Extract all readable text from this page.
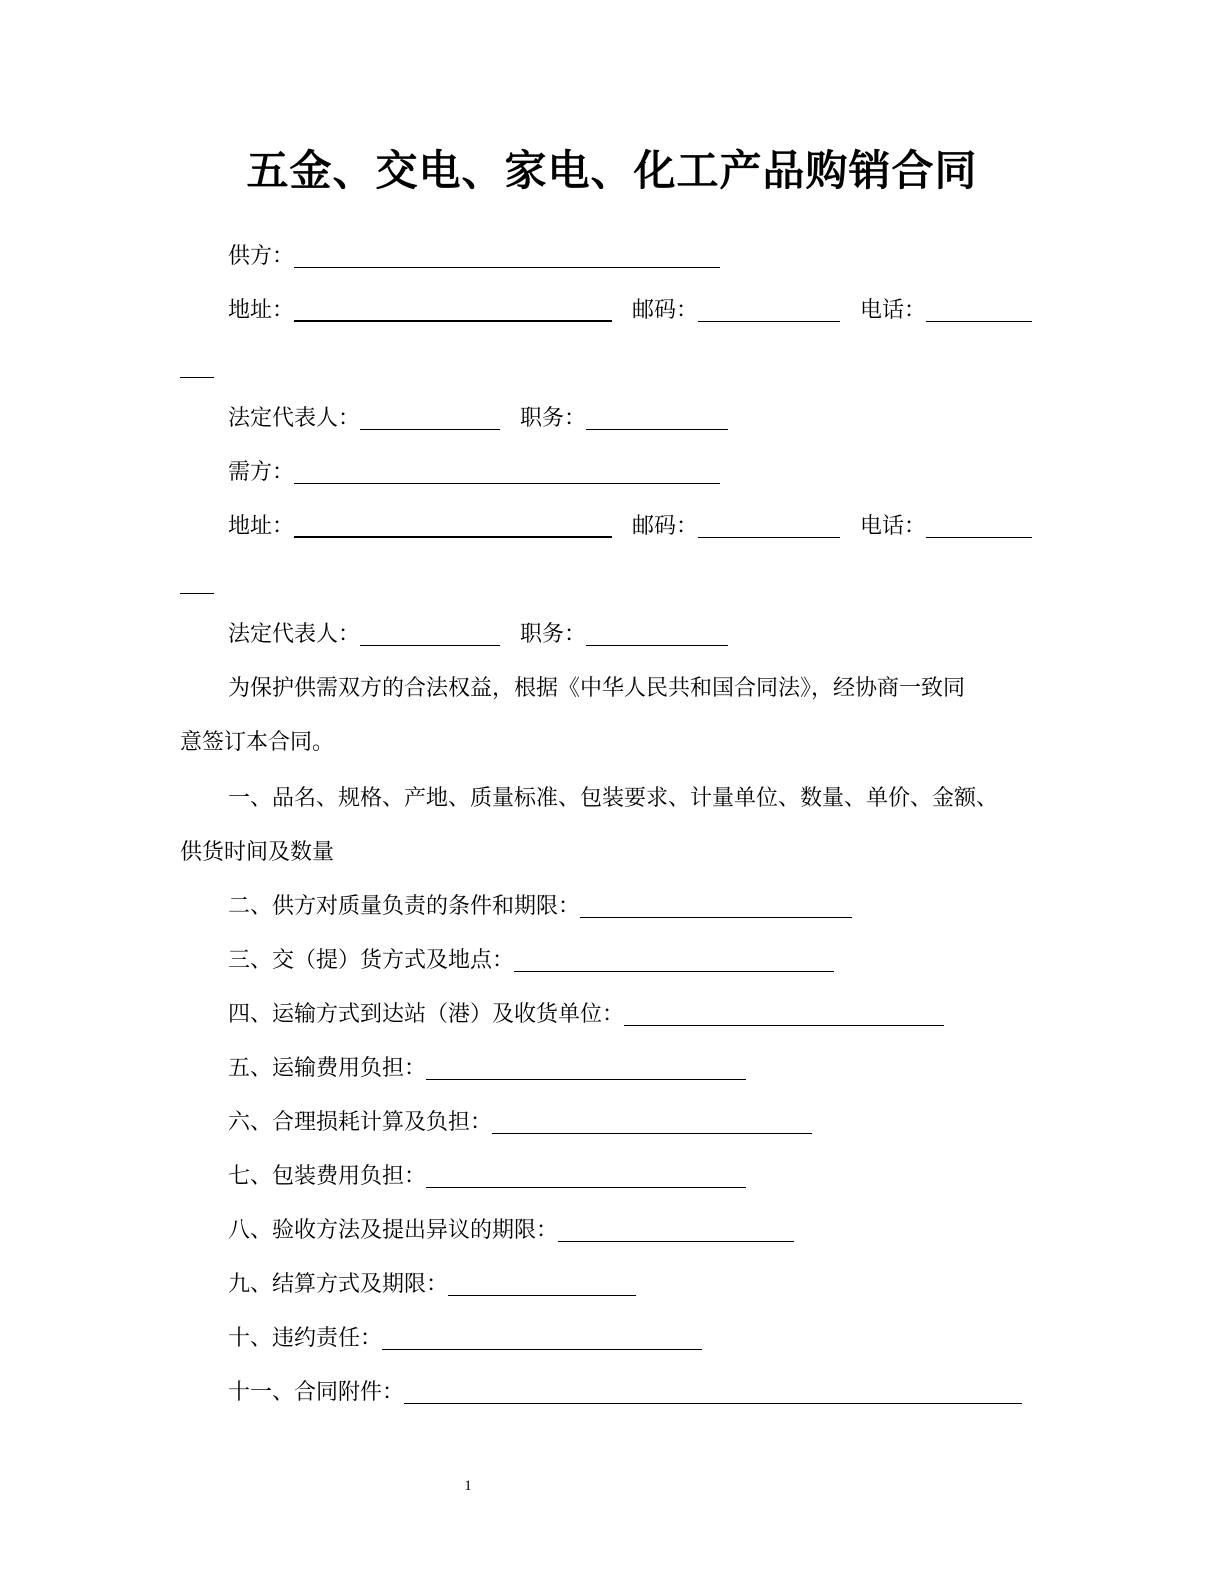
五金、交电、家电、化工产品购销合同
供方：
地址：	邮码：	电话：
法定代表人：	职务：
需方：
地址：	邮码：	电话：
法定代表人：	职务：
为保护供需双方的合法权益，根据《中华人民共和国合同法》，经协商一致同
意签订本合同。
一、品名、规格、产地、质量标准、包装要求、计量单位、数量、单价、金额、
供货时间及数量
二、供方对质量负责的条件和期限：
三、交（提）货方式及地点：
四、运输方式到达站（港）及收货单位：
五、运输费用负担：
六、合理损耗计算及负担：
七、包装费用负担：
八、验收方法及提出异议的期限：
九、结算方式及期限：
十、违约责任：
十一、合同附件：
1
